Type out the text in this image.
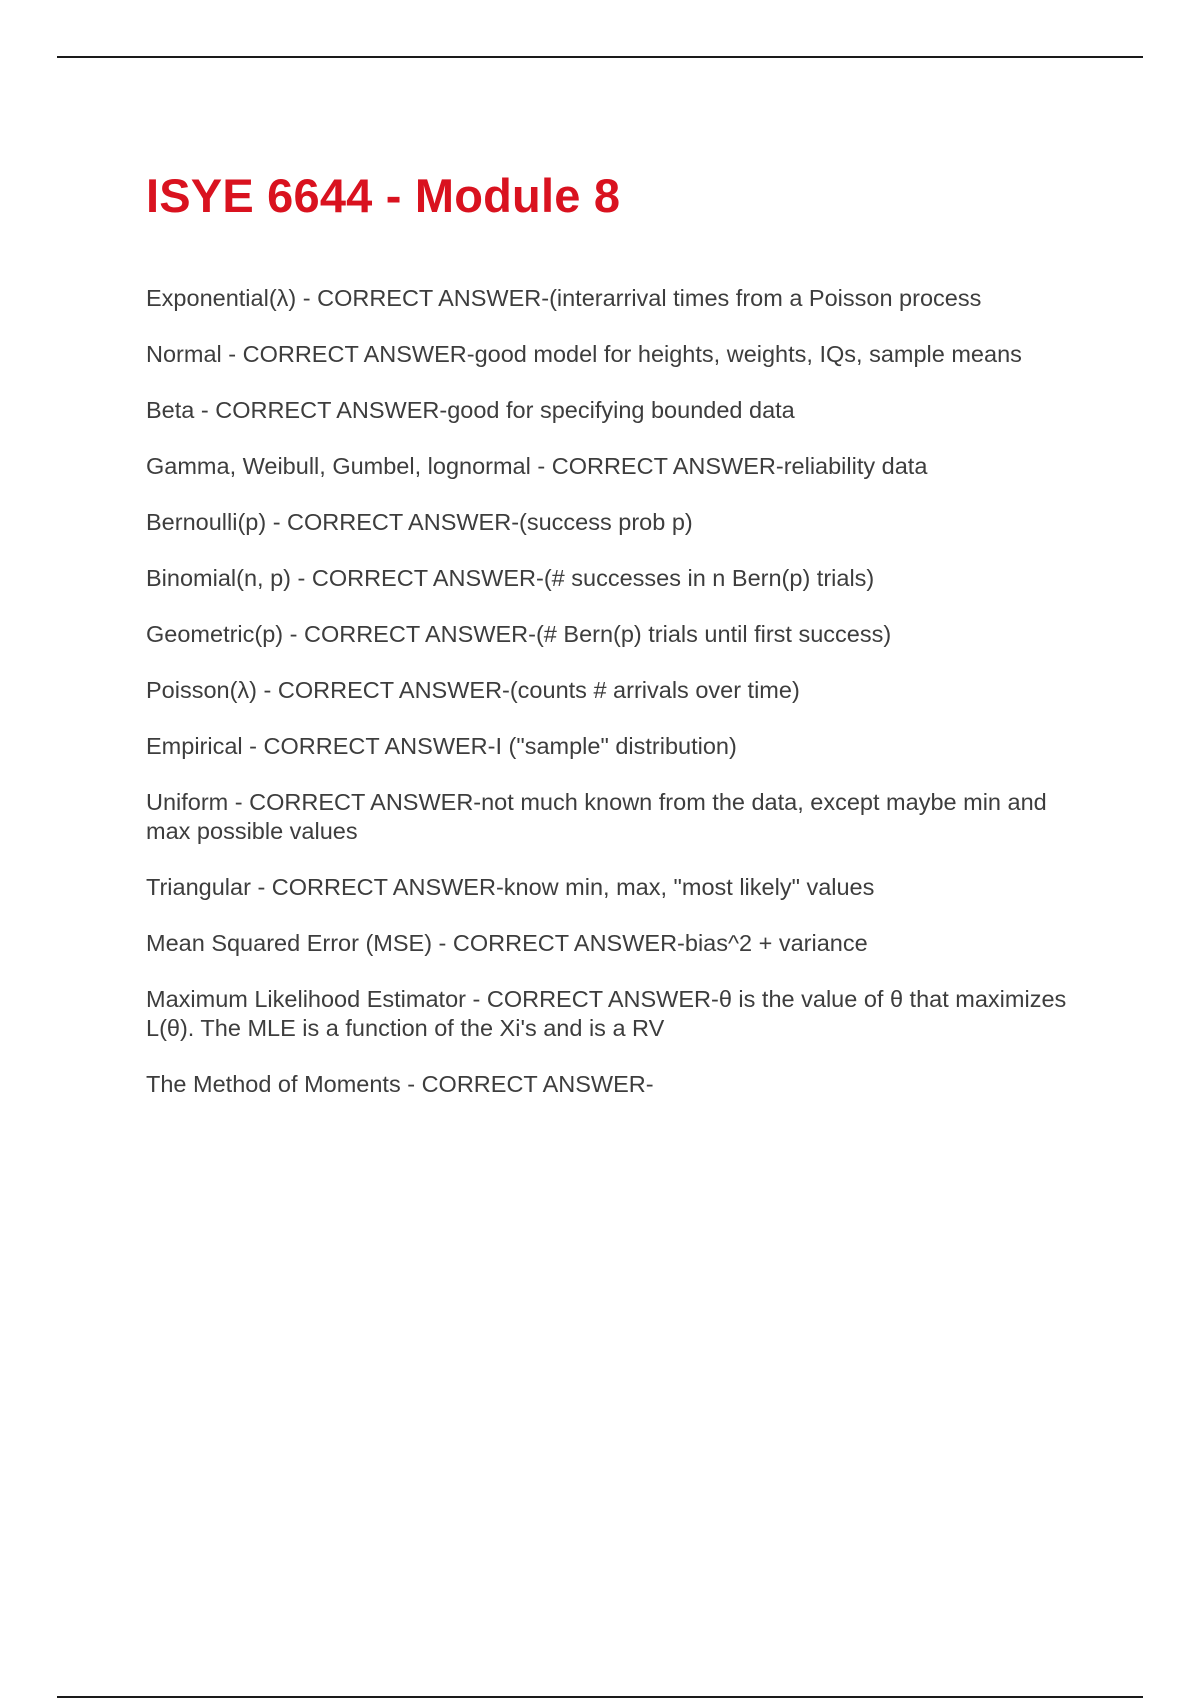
ISYE 6644 - Module 8
Exponential(λ) - CORRECT ANSWER-(interarrival times from a Poisson process
Normal - CORRECT ANSWER-good model for heights, weights, IQs, sample means
Beta - CORRECT ANSWER-good for specifying bounded data
Gamma, Weibull, Gumbel, lognormal - CORRECT ANSWER-reliability data
Bernoulli(p) - CORRECT ANSWER-(success prob p)
Binomial(n, p) - CORRECT ANSWER-(# successes in n Bern(p) trials)
Geometric(p) - CORRECT ANSWER-(# Bern(p) trials until first success)
Poisson(λ) - CORRECT ANSWER-(counts # arrivals over time)
Empirical - CORRECT ANSWER-I ("sample" distribution)
Uniform - CORRECT ANSWER-not much known from the data, except maybe min and max possible values
Triangular - CORRECT ANSWER-know min, max, "most likely" values
Mean Squared Error (MSE) - CORRECT ANSWER-bias^2 + variance
Maximum Likelihood Estimator - CORRECT ANSWER-θ is the value of θ that maximizes L(θ). The MLE is a function of the Xi's and is a RV
The Method of Moments - CORRECT ANSWER-
